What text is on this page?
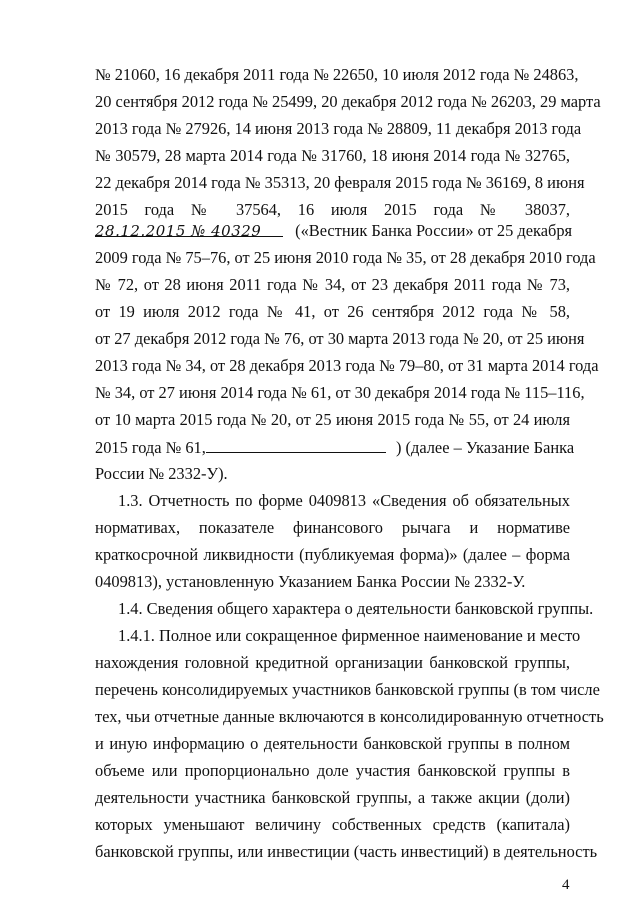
№ 21060, 16 декабря 2011 года № 22650, 10 июля 2012 года № 24863,
20 сентября 2012 года № 25499, 20 декабря 2012 года № 26203, 29 марта
2013 года № 27926, 14 июня 2013 года № 28809, 11 декабря 2013 года
№ 30579, 28 марта 2014 года № 31760, 18 июня 2014 года № 32765,
22 декабря 2014 года № 35313, 20 февраля 2015 года № 36169, 8 июня
2015 года № 37564, 16 июля 2015 года № 38037,
28.12.2015 № 40329 («Вестник Банка России» от 25 декабря
2009 года № 75–76, от 25 июня 2010 года № 35, от 28 декабря 2010 года
№ 72, от 28 июня 2011 года № 34, от 23 декабря 2011 года № 73,
от 19 июля 2012 года № 41, от 26 сентября 2012 года № 58,
от 27 декабря 2012 года № 76, от 30 марта 2013 года № 20, от 25 июня
2013 года № 34, от 28 декабря 2013 года № 79–80, от 31 марта 2014 года
№ 34, от 27 июня 2014 года № 61, от 30 декабря 2014 года № 115–116,
от 10 марта 2015 года № 20, от 25 июня 2015 года № 55, от 24 июля
2015 года № 61,	) (далее – Указание Банка
России № 2332-У).
1.3. Отчетность по форме 0409813 «Сведения об обязательных
нормативах, показателе финансового рычага и нормативе
краткосрочной ликвидности (публикуемая форма)» (далее – форма
0409813), установленную Указанием Банка России № 2332-У.
1.4. Сведения общего характера о деятельности банковской группы.
1.4.1. Полное или сокращенное фирменное наименование и место
нахождения головной кредитной организации банковской группы,
перечень консолидируемых участников банковской группы (в том числе
тех, чьи отчетные данные включаются в консолидированную отчетность
и иную информацию о деятельности банковской группы в полном
объеме или пропорционально доле участия банковской группы в
деятельности участника банковской группы, а также акции (доли)
которых уменьшают величину собственных средств (капитала)
банковской группы, или инвестиции (часть инвестиций) в деятельность
4
